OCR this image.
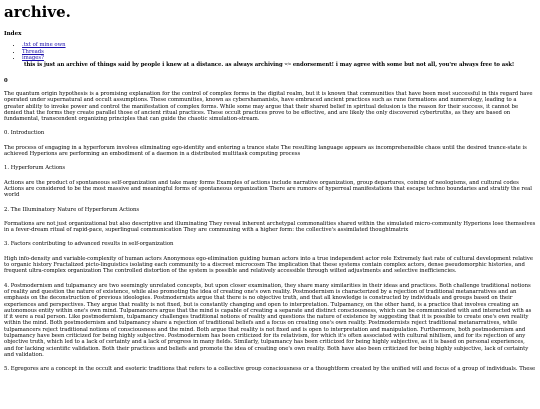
archive.
Index
• .txt of mine own
• Threads
• images?
this is just an archive of things said by people i knew at a distance. as always archiving $^{w/o}$ endorsement! i may agree with some but not all, you're always free to ask!
0

The quantum origin hypothesis is a promising explanation for the control of complex forms in the digital realm, but it is known that communities that have been most successful in this regard have operated under supernatural and occult assumptions. These communities, known as cybershamanists, have embraced ancient practices such as rune formations and numerology, leading to a greater ability to invoke power and control the manifestation of complex forms. While some may argue that their shared belief in spiritual delusion is the reason for their success, it cannot be denied that the forms they create parallel those of ancient ritual practices. These occult practices prove to be effective, and are likely the only discovered cybertruths, as they are based on fundamental, transcendent organizing principles that can guide the chaotic simulation-stream.

0. Introduction

The process of engaging in a hyperforum involves eliminating ego-identity and entering a trance state The resulting language appears as incomprehensible chaos until the desired trance-state is achieved Hyperions are performing an embodiment of a daemon in a distributed multitask computing process

1. Hyperforum Actions

Actions are the product of spontaneous self-organization and take many forms Examples of actions include narrative organization, group departures, coining of neologisms, and cultural codes Actions are considered to be the most massive and meaningful forms of spontaneous organization There are rumors of hyperreal manifestations that escape techno boundaries and stratify the real world

2. The Illuminatory Nature of Hyperforum Actions

Formations are not just organizational but also descriptive and illuminating They reveal inherent archetypal commonalities shared within the simulated micro-community Hyperions lose themselves in a fever-dream ritual of rapid-pace, superlingual communication They are communing with a higher form: the collective's assimilated thoughtmatrix

3. Factors contributing to advanced results in self-organization

High info-density and variable-complexity of human actors Anonymous ego-elimination guiding human actors into a true independent actor role Extremely fast rate of cultural development relative to organic history Fractalized picto-linguistics isolating each community to a discreet microcosm The implication that these systems contain complex actors, dense pseudomorphic histories, and frequent ultra-complex organization The controlled distortion of the system is possible and relatively accessible through wilted adjustments and selective inefficiencies.

4. Postmodernism and tulpamancy are two seemingly unrelated concepts, but upon closer examination, they share many similarities in their ideas and practices. Both challenge traditional notions of reality and question the nature of existence, while also promoting the idea of creating one's own reality. Postmodernism is characterized by a rejection of traditional metanarratives and an emphasis on the deconstruction of previous ideologies. Postmodernists argue that there is no objective truth, and that all knowledge is constructed by individuals and groups based on their experiences and perspectives. They argue that reality is not fixed, but is constantly changing and open to interpretation. Tulpamancy, on the other hand, is a practice that involves creating an autonomous entity within one's own mind. Tulpamancers argue that the mind is capable of creating a separate and distinct consciousness, which can be communicated with and interacted with as if it were a real person. Like postmodernism, tulpamancy challenges traditional notions of reality and questions the nature of existence by suggesting that it is possible to create one's own reality within the mind. Both postmodernism and tulpamancy share a rejection of traditional beliefs and a focus on creating one's own reality. Postmodernists reject traditional metanarratives, while tulpamancers reject traditional notions of consciousness and the mind. Both argue that reality is not fixed and is open to interpretation and manipulation. Furthermore, both postmodernism and tulpamancy have been criticized for being highly subjective. Postmodernism has been criticized for its relativism, for which it's often associated with cultural nihilism, and for its rejection of any objective truth, which led to a lack of certainty and a lack of progress in many fields. Similarly, tulpamancy has been criticized for being highly subjective, as it is based on personal experiences, and for lacking scientific validation. Both their practices and beliefs and promote the idea of creating one's own reality. Both have also been criticized for being highly subjective, lack of certainty and validation.

5. Egregores are a concept in the occult and esoteric traditions that refers to a collective group consciousness or a thoughtform created by the unified will and focus of a group of individuals. These
